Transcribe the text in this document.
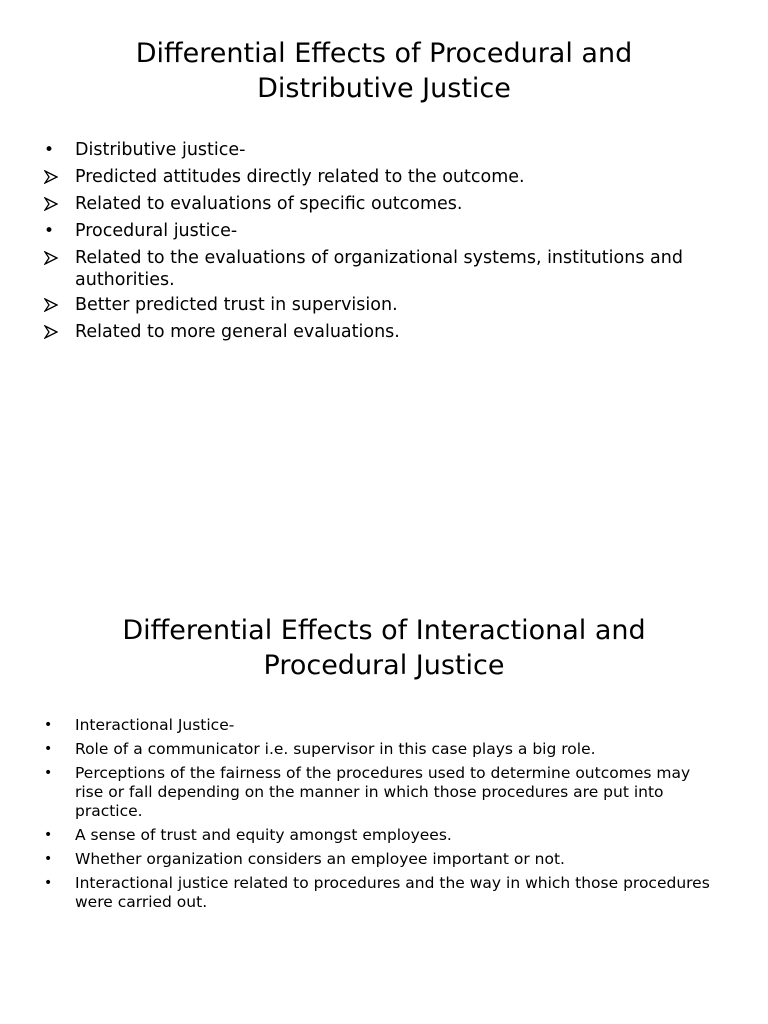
Differential Effects of Procedural and
Distributive Justice
Distributive justice-
Predicted attitudes directly related to the outcome.
Related to evaluations of specific outcomes.
Procedural justice-
Related to the evaluations of organizational systems, institutions and authorities.
Better predicted trust in supervision.
Related to more general evaluations.
Differential Effects of Interactional and
Procedural Justice
Interactional Justice-
Role of a communicator i.e. supervisor in this case plays a big role.
Perceptions of the fairness of the procedures used to determine outcomes may rise or fall depending on the manner in which those procedures are put into practice.
A sense of trust and equity amongst employees.
Whether organization considers an employee important or not.
Interactional justice related to procedures and the way in which those procedures were carried out.
